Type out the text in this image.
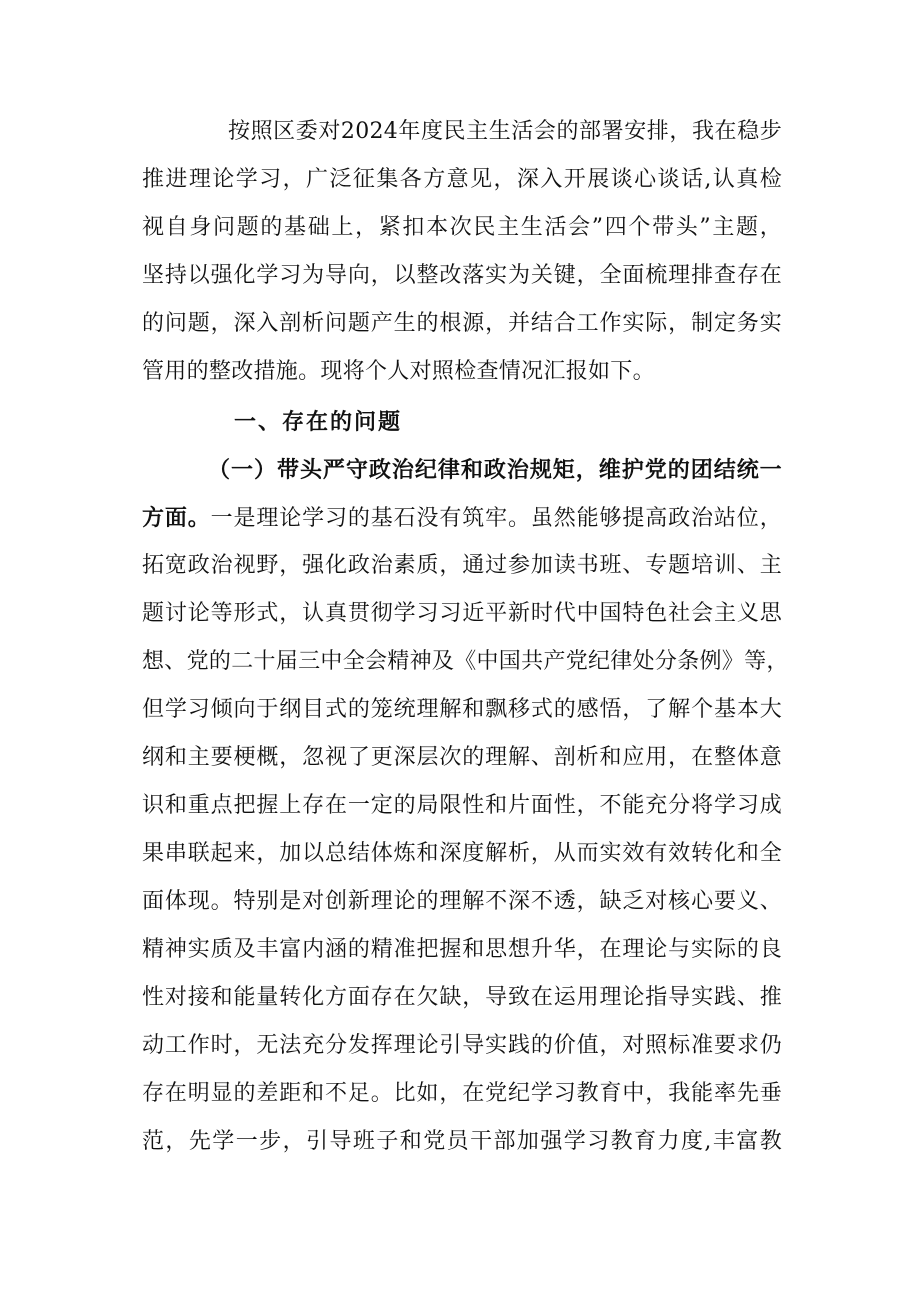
按照区委对2024年度民主生活会的部署安排，我在稳步
推进理论学习，广泛征集各方意见，深入开展谈心谈话,认真检
视自身问题的基础上，紧扣本次民主生活会”四个带头”主题，
坚持以强化学习为导向，以整改落实为关键，全面梳理排查存在
的问题，深入剖析问题产生的根源，并结合工作实际，制定务实
管用的整改措施。现将个人对照检查情况汇报如下。
一、存在的问题
（一）带头严守政治纪律和政治规矩，维护党的团结统一
方面。一是理论学习的基石没有筑牢。虽然能够提高政治站位，
拓宽政治视野，强化政治素质，通过参加读书班、专题培训、主
题讨论等形式，认真贯彻学习习近平新时代中国特色社会主义思
想、党的二十届三中全会精神及《中国共产党纪律处分条例》等，
但学习倾向于纲目式的笼统理解和飘移式的感悟，了解个基本大
纲和主要梗概，忽视了更深层次的理解、剖析和应用，在整体意
识和重点把握上存在一定的局限性和片面性，不能充分将学习成
果串联起来，加以总结体炼和深度解析，从而实效有效转化和全
面体现。特别是对创新理论的理解不深不透，缺乏对核心要义、
精神实质及丰富内涵的精准把握和思想升华，在理论与实际的良
性对接和能量转化方面存在欠缺，导致在运用理论指导实践、推
动工作时，无法充分发挥理论引导实践的价值，对照标准要求仍
存在明显的差距和不足。比如，在党纪学习教育中，我能率先垂
范，先学一步，引导班子和党员干部加强学习教育力度,丰富教
